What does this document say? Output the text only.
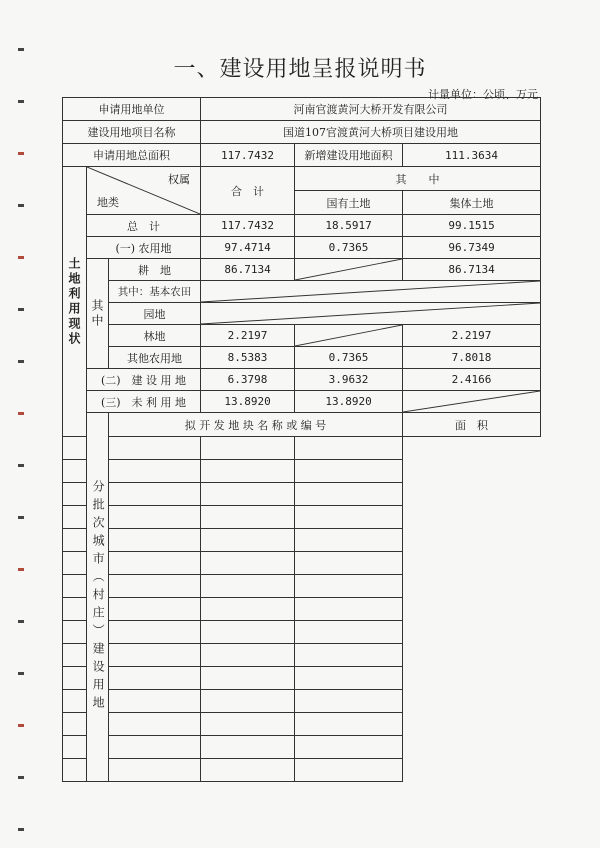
一、建设用地呈报说明书
计量单位：公顷、万元
申请用地单位			河南官渡黄河大桥开发有限公司			
建设用地项目名称			国道107官渡黄河大桥项目建设用地			
申请用地总面积			117.7432	新增建设用地面积	111.3634	
土地利用现状	权属
地类		合　计	其　　中		
				国有土地	集体土地	
	总　计		117.7432	18.5917	99.1515	
	(一) 农用地		97.4714	0.7365	96.7349	
	其中	耕　地	86.7134		86.7134	
		其中：基本农田	

		园地	

		林地	2.2197		2.2197	
		其他农用地	8.5383	0.7365	7.8018	
	(二)　建 设 用 地		6.3798	3.9632	2.4166	
	(三)　未 利 用 地		13.8920	13.8920	

	分批次城市（村庄）建设用地	拟 开 发 地 块 名 称 或 编 号			面　积	
